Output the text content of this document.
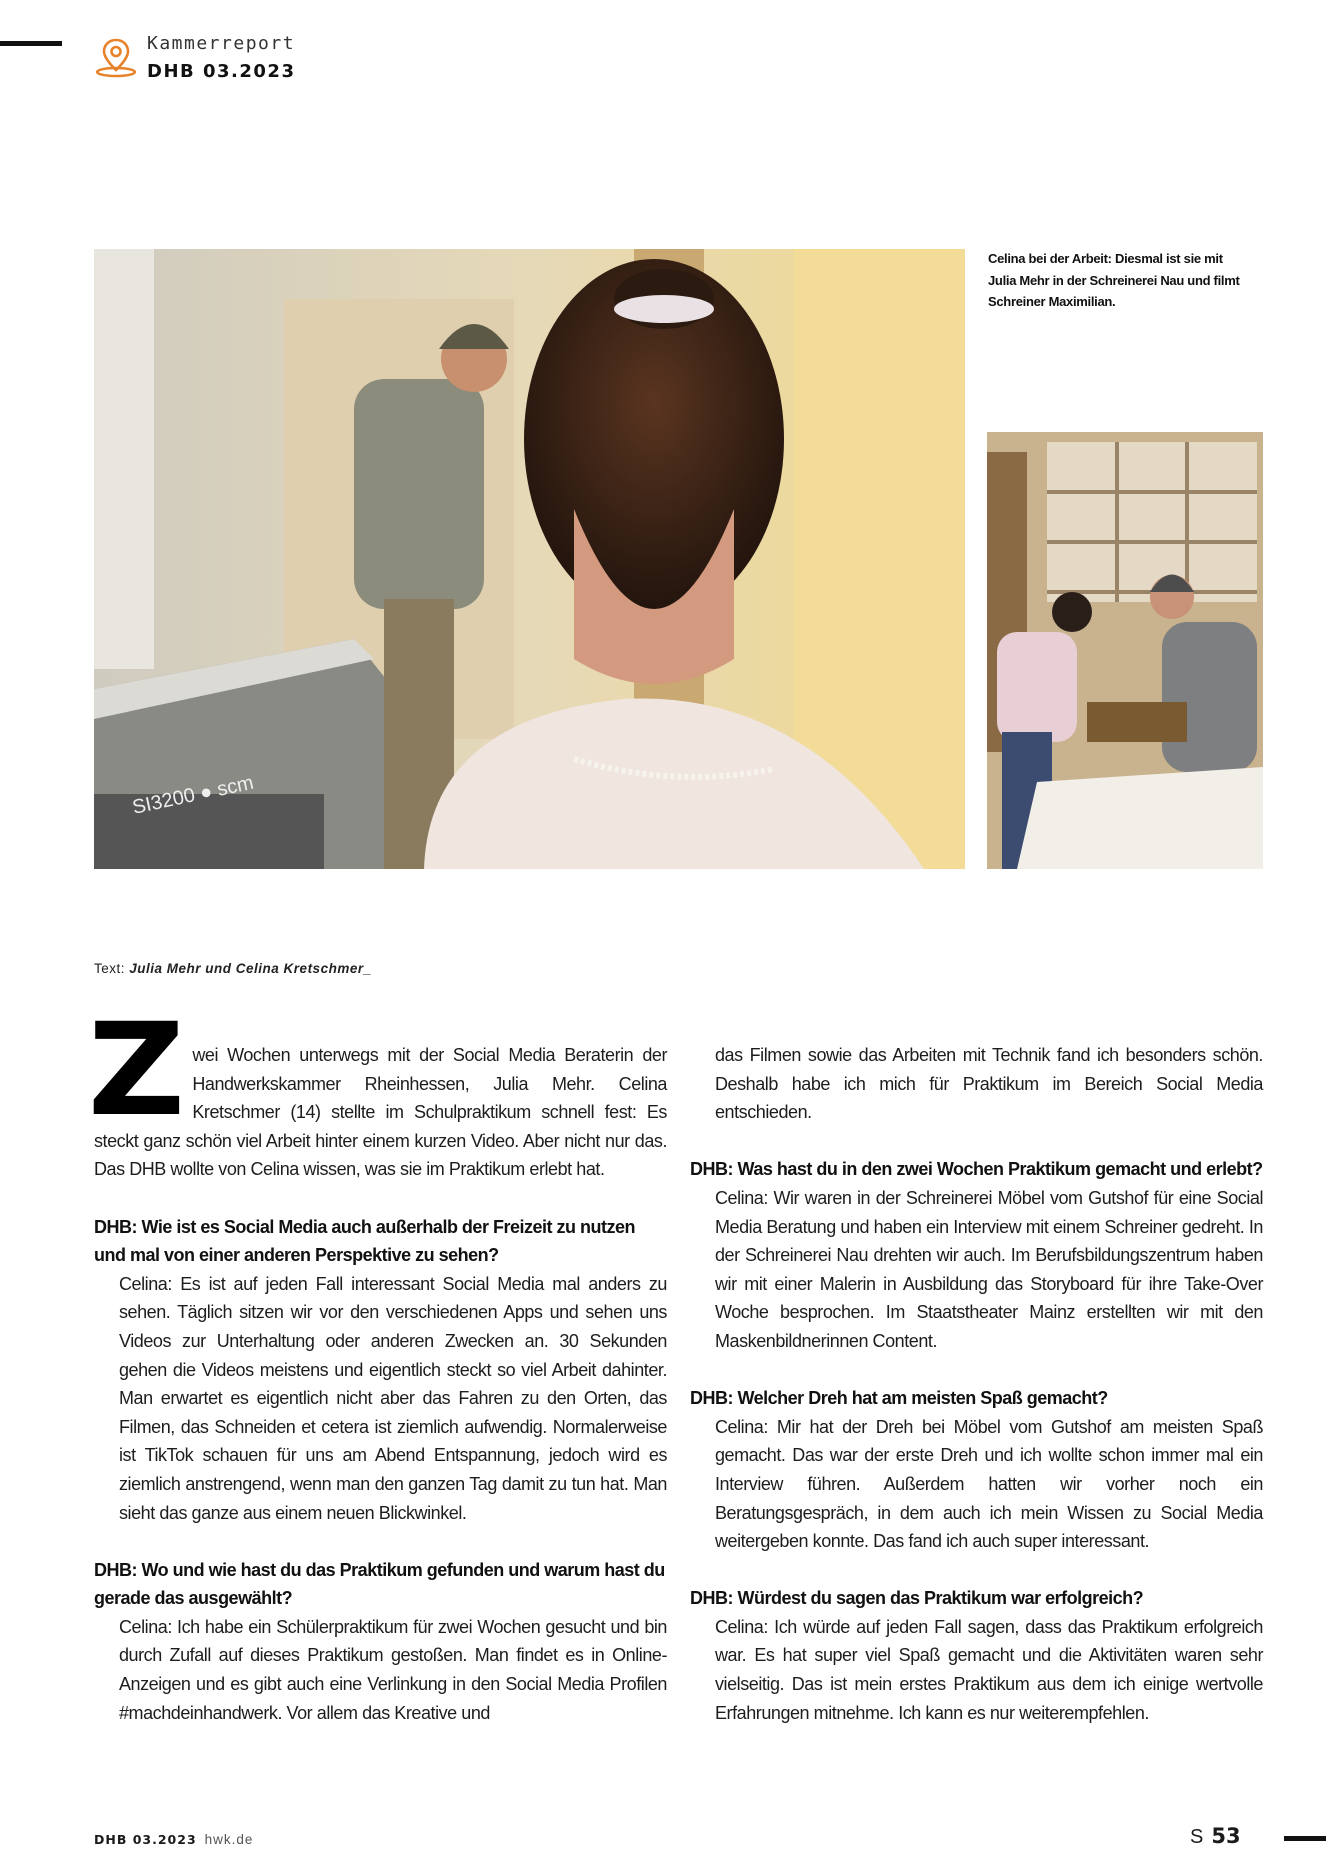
Kammerreport
DHB 03.2023
SI3200 ● scm
Celina bei der Arbeit: Diesmal ist sie mit Julia Mehr in der Schreinerei Nau und filmt Schreiner Maximilian.
Text: Julia Mehr und Celina Kretschmer_

Zwei Wochen unterwegs mit der Social Media Beraterin der Handwerkskammer Rheinhessen, Julia Mehr. Celina Kretschmer (14) stellte im Schulpraktikum schnell fest: Es steckt ganz schön viel Arbeit hinter einem kurzen Video. Aber nicht nur das. Das DHB wollte von Celina wissen, was sie im Praktikum erlebt hat.

DHB: Wie ist es Social Media auch außerhalb der Freizeit zu nutzen und mal von einer anderen Perspektive zu sehen?

Celina: Es ist auf jeden Fall interessant Social Media mal anders zu sehen. Täglich sitzen wir vor den verschiedenen Apps und sehen uns Videos zur Unterhaltung oder anderen Zwecken an. 30 Sekunden gehen die Videos meistens und eigentlich steckt so viel Arbeit dahinter. Man erwartet es eigentlich nicht aber das Fahren zu den Orten, das Filmen, das Schneiden et cetera ist ziemlich aufwendig. Normalerweise ist TikTok schauen für uns am Abend Entspannung, jedoch wird es ziemlich anstrengend, wenn man den ganzen Tag damit zu tun hat. Man sieht das ganze aus einem neuen Blickwinkel.

DHB: Wo und wie hast du das Praktikum gefunden und warum hast du gerade das ausgewählt?

Celina: Ich habe ein Schülerpraktikum für zwei Wochen gesucht und bin durch Zufall auf dieses Praktikum gestoßen. Man findet es in Online-Anzeigen und es gibt auch eine Verlinkung in den Social Media Profilen #machdeinhandwerk. Vor allem das Kreative und

das Filmen sowie das Arbeiten mit Technik fand ich besonders schön. Deshalb habe ich mich für Praktikum im Bereich Social Media entschieden.

DHB: Was hast du in den zwei Wochen Praktikum gemacht und erlebt?

Celina: Wir waren in der Schreinerei Möbel vom Gutshof für eine Social Media Beratung und haben ein Interview mit einem Schreiner gedreht. In der Schreinerei Nau drehten wir auch. Im Berufsbildungszentrum haben wir mit einer Malerin in Ausbildung das Storyboard für ihre Take-Over Woche besprochen. Im Staatstheater Mainz erstellten wir mit den Maskenbildnerinnen Content.

DHB: Welcher Dreh hat am meisten Spaß gemacht?

Celina: Mir hat der Dreh bei Möbel vom Gutshof am meisten Spaß gemacht. Das war der erste Dreh und ich wollte schon immer mal ein Interview führen. Außerdem hatten wir vorher noch ein Beratungsgespräch, in dem auch ich mein Wissen zu Social Media weitergeben konnte. Das fand ich auch super interessant.

DHB: Würdest du sagen das Praktikum war erfolgreich?

Celina: Ich würde auf jeden Fall sagen, dass das Praktikum erfolgreich war. Es hat super viel Spaß gemacht und die Aktivitäten waren sehr vielseitig. Das ist mein erstes Praktikum aus dem ich einige wertvolle Erfahrungen mitnehme. Ich kann es nur weiterempfehlen.

DHB 03.2023 hwk.de	S 53
